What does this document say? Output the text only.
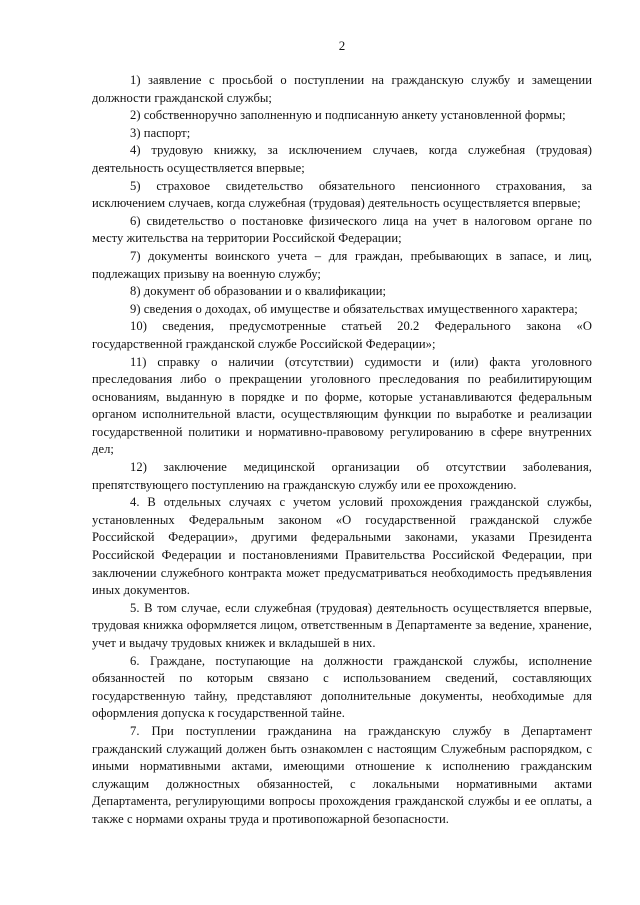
2

1) заявление с просьбой о поступлении на гражданскую службу и замещении должности гражданской службы;

2) собственноручно заполненную и подписанную анкету установленной формы;

3) паспорт;

4) трудовую книжку, за исключением случаев, когда служебная (трудовая) деятельность осуществляется впервые;

5) страховое свидетельство обязательного пенсионного страхования, за исключением случаев, когда служебная (трудовая) деятельность осуществляется впервые;

6) свидетельство о постановке физического лица на учет в налоговом органе по месту жительства на территории Российской Федерации;

7) документы воинского учета – для граждан, пребывающих в запасе, и лиц, подлежащих призыву на военную службу;

8) документ об образовании и о квалификации;

9) сведения о доходах, об имуществе и обязательствах имущественного характера;

10) сведения, предусмотренные статьей 20.2 Федерального закона «О государственной гражданской службе Российской Федерации»;

11) справку о наличии (отсутствии) судимости и (или) факта уголовного преследования либо о прекращении уголовного преследования по реабилитирующим основаниям, выданную в порядке и по форме, которые устанавливаются федеральным органом исполнительной власти, осуществляющим функции по выработке и реализации государственной политики и нормативно-правовому регулированию в сфере внутренних дел;

12) заключение медицинской организации об отсутствии заболевания, препятствующего поступлению на гражданскую службу или ее прохождению.

4. В отдельных случаях с учетом условий прохождения гражданской службы, установленных Федеральным законом «О государственной гражданской службе Российской Федерации», другими федеральными законами, указами Президента Российской Федерации и постановлениями Правительства Российской Федерации, при заключении служебного контракта может предусматриваться необходимость предъявления иных документов.

5. В том случае, если служебная (трудовая) деятельность осуществляется впервые, трудовая книжка оформляется лицом, ответственным в Департаменте за ведение, хранение, учет и выдачу трудовых книжек и вкладышей в них.

6. Граждане, поступающие на должности гражданской службы, исполнение обязанностей по которым связано с использованием сведений, составляющих государственную тайну, представляют дополнительные документы, необходимые для оформления допуска к государственной тайне.

7. При поступлении гражданина на гражданскую службу в Департамент гражданский служащий должен быть ознакомлен с настоящим Служебным распорядком, с иными нормативными актами, имеющими отношение к исполнению гражданским служащим должностных обязанностей, с локальными нормативными актами Департамента, регулирующими вопросы прохождения гражданской службы и ее оплаты, а также с нормами охраны труда и противопожарной безопасности.
